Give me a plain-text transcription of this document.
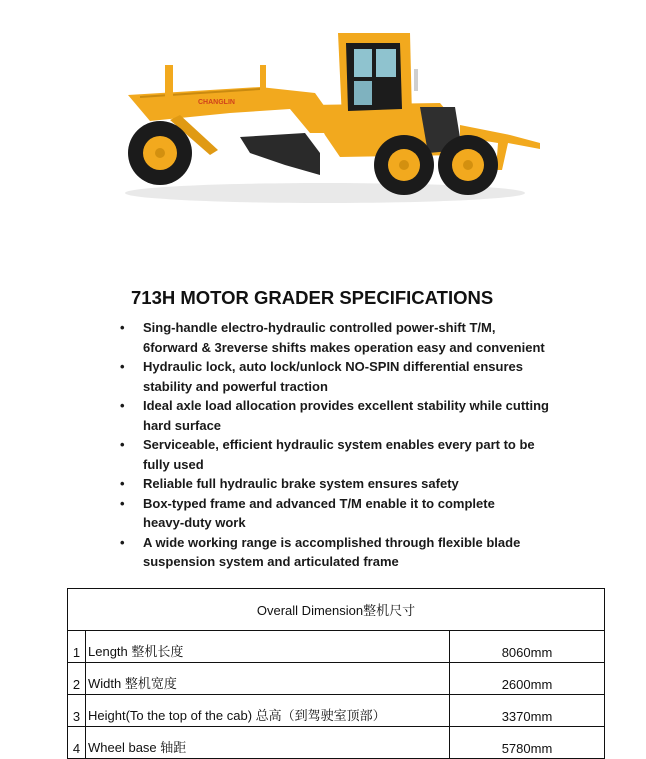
CHANGLIN
713H MOTOR GRADER SPECIFICATIONS
• Sing-handle electro-hydraulic controlled power-shift T/M,
6forward & 3reverse shifts makes operation easy and convenient
• Hydraulic lock, auto lock/unlock NO-SPIN differential ensures
stability and powerful traction
• Ideal axle load allocation provides excellent stability while cutting
hard surface
• Serviceable, efficient hydraulic system enables every part to be
fully used
• Reliable full hydraulic brake system ensures safety
• Box-typed frame and advanced T/M enable it to complete
heavy-duty work
• A wide working range is accomplished through flexible blade
suspension system and articulated frame
Overall Dimension整机尺寸		
1	Length 整机长度	8060mm
2	Width 整机宽度	2600mm
3	Height(To the top of the cab) 总高（到驾驶室顶部）	3370mm
4	Wheel base 轴距	5780mm
